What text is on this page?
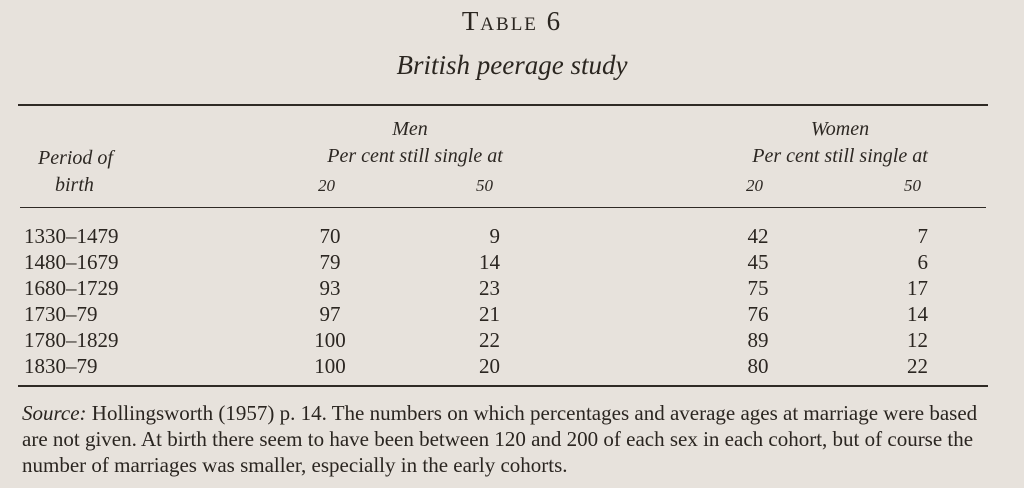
Table 6
British peerage study
Period of
birth
Men
Per cent still single at
20	50
Women
Per cent still single at
20	50
1330–1479	70	9	42	7
1480–1679	79	14	45	6
1680–1729	93	23	75	17
1730–79	97	21	76	14
1780–1829	100	22	89	12
1830–79	100	20	80	22
Source: Hollingsworth (1957) p. 14. The numbers on which percentages and average ages at marriage were based are not given. At birth there seem to have been between 120 and 200 of each sex in each cohort, but of course the number of marriages was smaller, especially in the early cohorts.
